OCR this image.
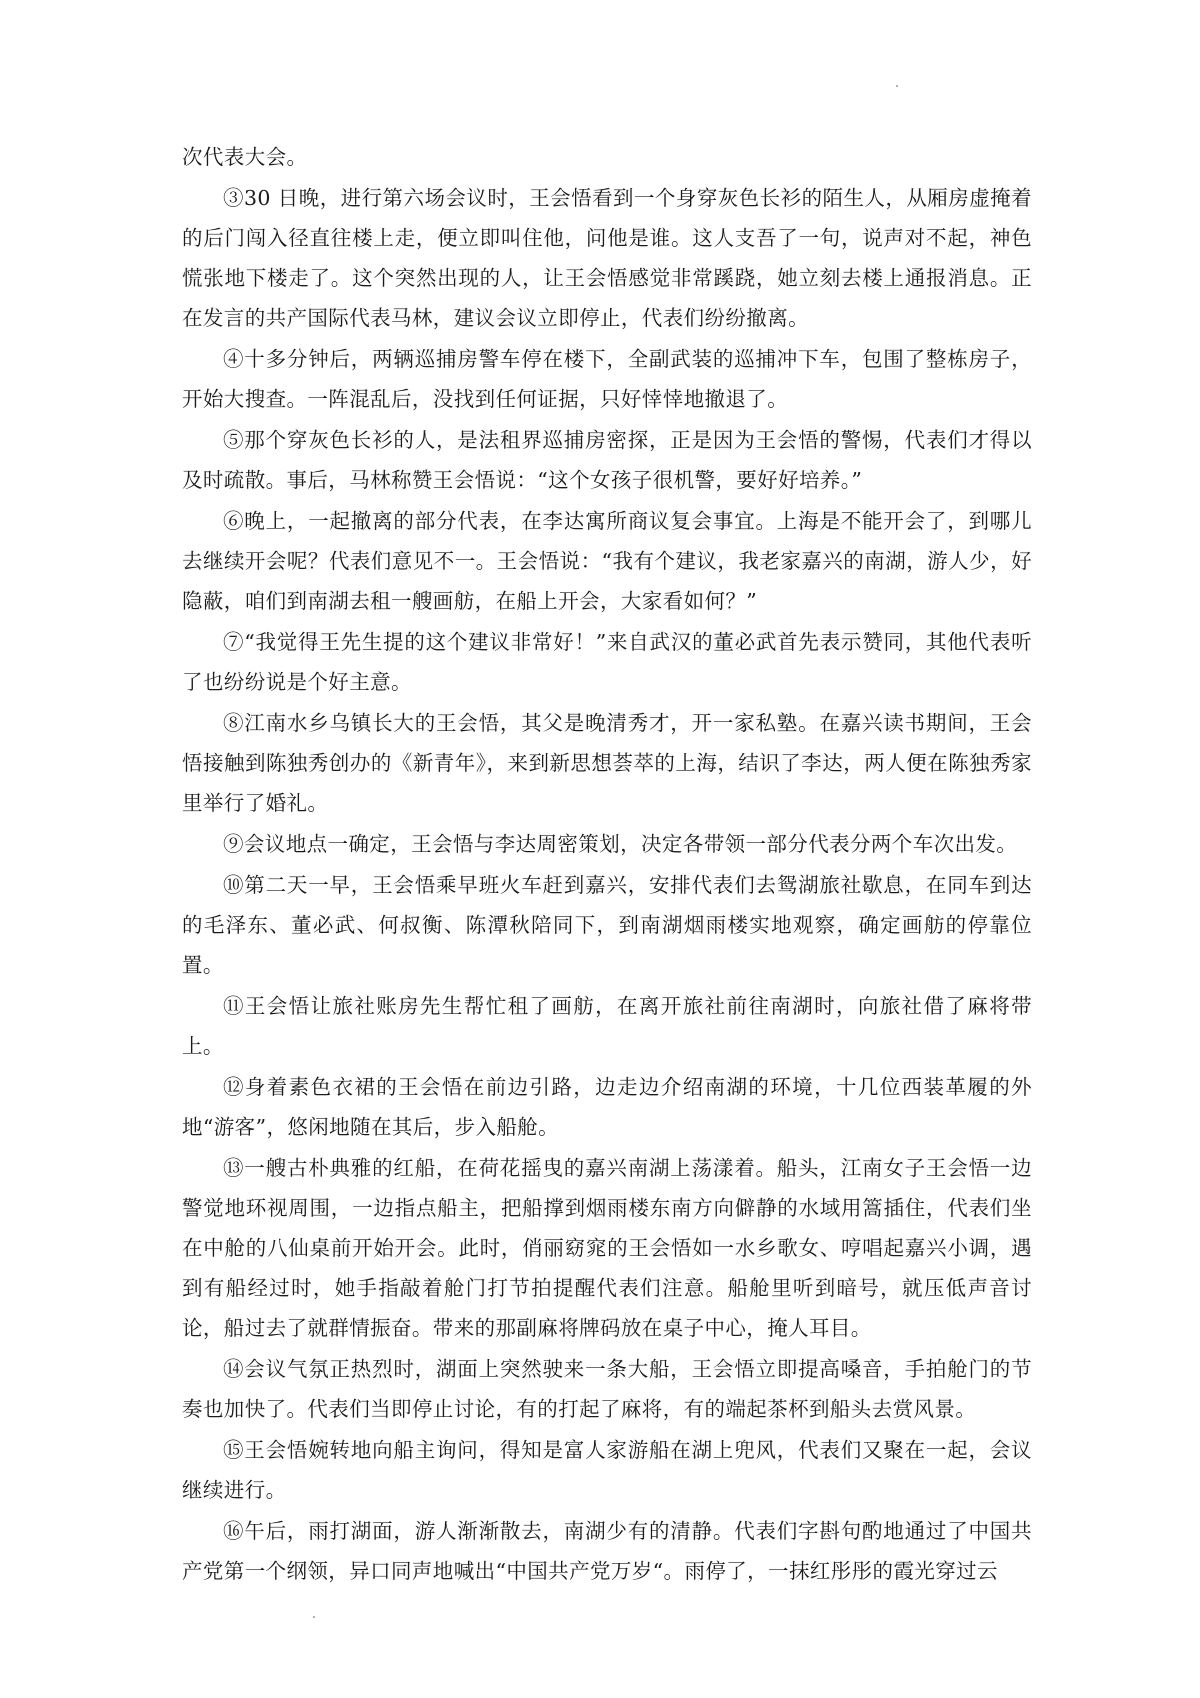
次代表大会。

③30 日晚，进行第六场会议时，王会悟看到一个身穿灰色长衫的陌生人，从厢房虚掩着的后门闯入径直往楼上走，便立即叫住他，问他是谁。这人支吾了一句，说声对不起，神色慌张地下楼走了。这个突然出现的人，让王会悟感觉非常蹊跷，她立刻去楼上通报消息。正在发言的共产国际代表马林，建议会议立即停止，代表们纷纷撤离。

④十多分钟后，两辆巡捕房警车停在楼下，全副武装的巡捕冲下车，包围了整栋房子，开始大搜查。一阵混乱后，没找到任何证据，只好悻悻地撤退了。

⑤那个穿灰色长衫的人，是法租界巡捕房密探，正是因为王会悟的警惕，代表们才得以及时疏散。事后，马林称赞王会悟说：“这个女孩子很机警，要好好培养。”

⑥晚上，一起撤离的部分代表，在李达寓所商议复会事宜。上海是不能开会了，到哪儿去继续开会呢？代表们意见不一。王会悟说：“我有个建议，我老家嘉兴的南湖，游人少，好隐蔽，咱们到南湖去租一艘画舫，在船上开会，大家看如何？”

⑦“我觉得王先生提的这个建议非常好！”来自武汉的董必武首先表示赞同，其他代表听了也纷纷说是个好主意。

⑧江南水乡乌镇长大的王会悟，其父是晚清秀才，开一家私塾。在嘉兴读书期间，王会悟接触到陈独秀创办的《新青年》，来到新思想荟萃的上海，结识了李达，两人便在陈独秀家里举行了婚礼。

⑨会议地点一确定，王会悟与李达周密策划，决定各带领一部分代表分两个车次出发。

⑩第二天一早，王会悟乘早班火车赶到嘉兴，安排代表们去鸳湖旅社歇息，在同车到达的毛泽东、董必武、何叔衡、陈潭秋陪同下，到南湖烟雨楼实地观察，确定画舫的停靠位置。

⑪王会悟让旅社账房先生帮忙租了画舫，在离开旅社前往南湖时，向旅社借了麻将带上。

⑫身着素色衣裙的王会悟在前边引路，边走边介绍南湖的环境，十几位西装革履的外地“游客”，悠闲地随在其后，步入船舱。

⑬一艘古朴典雅的红船，在荷花摇曳的嘉兴南湖上荡漾着。船头，江南女子王会悟一边警觉地环视周围，一边指点船主，把船撑到烟雨楼东南方向僻静的水域用篙插住，代表们坐在中舱的八仙桌前开始开会。此时，俏丽窈窕的王会悟如一水乡歌女、哼唱起嘉兴小调，遇到有船经过时，她手指敲着舱门打节拍提醒代表们注意。船舱里听到暗号，就压低声音讨论，船过去了就群情振奋。带来的那副麻将牌码放在桌子中心，掩人耳目。

⑭会议气氛正热烈时，湖面上突然驶来一条大船，王会悟立即提高嗓音，手拍舱门的节奏也加快了。代表们当即停止讨论，有的打起了麻将，有的端起茶杯到船头去赏风景。

⑮王会悟婉转地向船主询问，得知是富人家游船在湖上兜风，代表们又聚在一起，会议继续进行。

⑯午后，雨打湖面，游人渐渐散去，南湖少有的清静。代表们字斟句酌地通过了中国共产党第一个纲领，异口同声地喊出“中国共产党万岁“。雨停了，一抹红彤彤的霞光穿过云
